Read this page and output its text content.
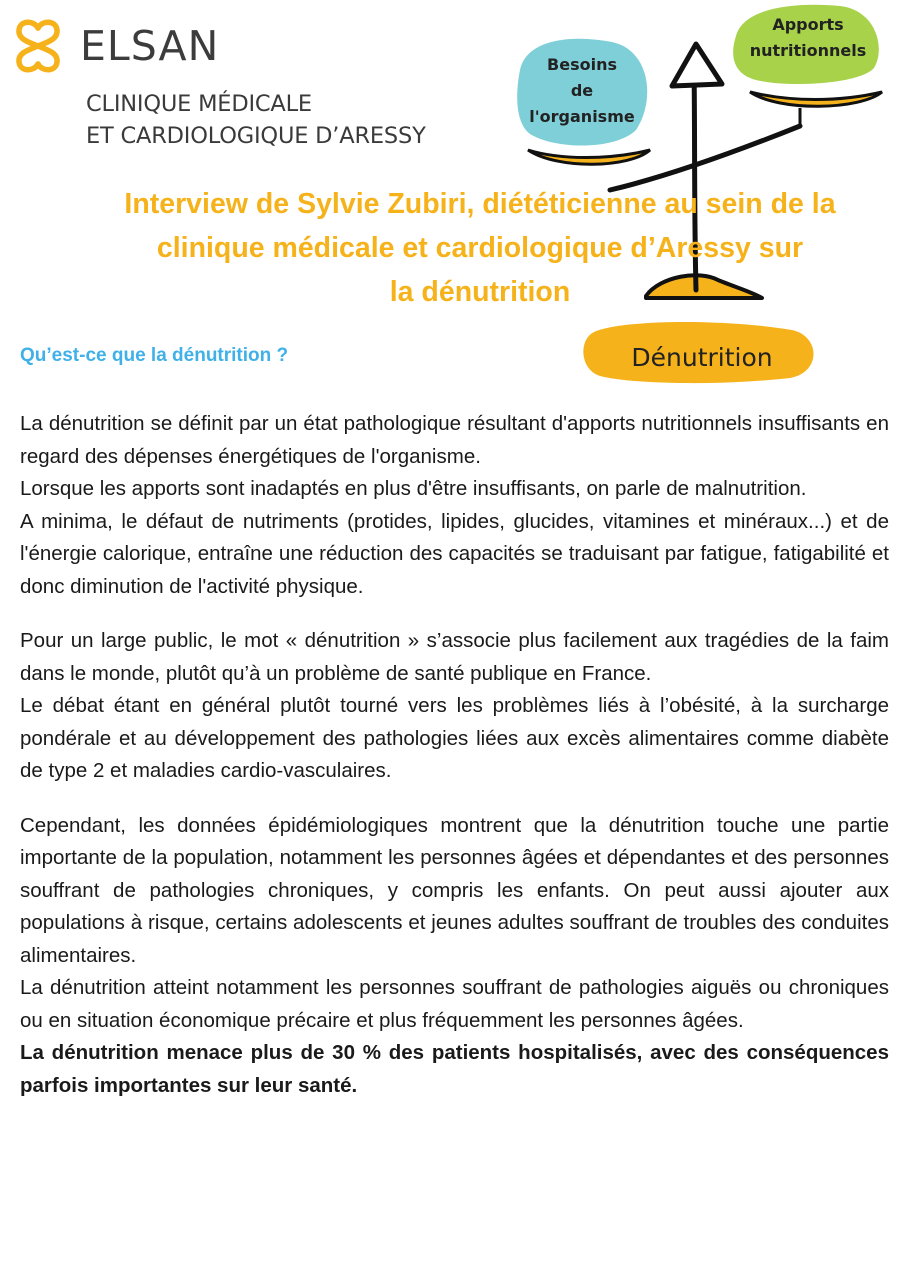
ELSAN
CLINIQUE MÉDICALE
ET CARDIOLOGIQUE D’ARESSY
Dénutrition
Besoins
de
l'organisme
Apports
nutritionnels
Interview de Sylvie Zubiri, diététicienne au sein de la
clinique médicale et cardiologique d’Aressy sur
la dénutrition
Qu’est-ce que la dénutrition ?

La dénutrition se définit par un état pathologique résultant d'apports nutritionnels insuffisants en regard des dépenses énergétiques de l'organisme.

Lorsque les apports sont inadaptés en plus d'être insuffisants, on parle de malnutrition.

A minima, le défaut de nutriments (protides, lipides, glucides, vitamines et minéraux...) et de l'énergie calorique, entraîne une réduction des capacités se traduisant par fatigue, fatigabilité et donc diminution de l'activité physique.

Pour un large public, le mot « dénutrition » s’associe plus facilement aux tragédies de la faim dans le monde, plutôt qu’à un problème de santé publique en France.

Le débat étant en général plutôt tourné vers les problèmes liés à l’obésité, à la surcharge pondérale et au développement des pathologies liées aux excès alimentaires comme diabète de type 2 et maladies cardio-vasculaires.

Cependant, les données épidémiologiques montrent que la dénutrition touche une partie importante de la population, notamment les personnes âgées et dépendantes et des personnes souffrant de pathologies chroniques, y compris les enfants. On peut aussi ajouter aux populations à risque, certains adolescents et jeunes adultes souffrant de troubles des conduites alimentaires.

La dénutrition atteint notamment les personnes souffrant de pathologies aiguës ou chroniques ou en situation économique précaire et plus fréquemment les personnes âgées.

La dénutrition menace plus de 30 % des patients hospitalisés, avec des conséquences parfois importantes sur leur santé.
